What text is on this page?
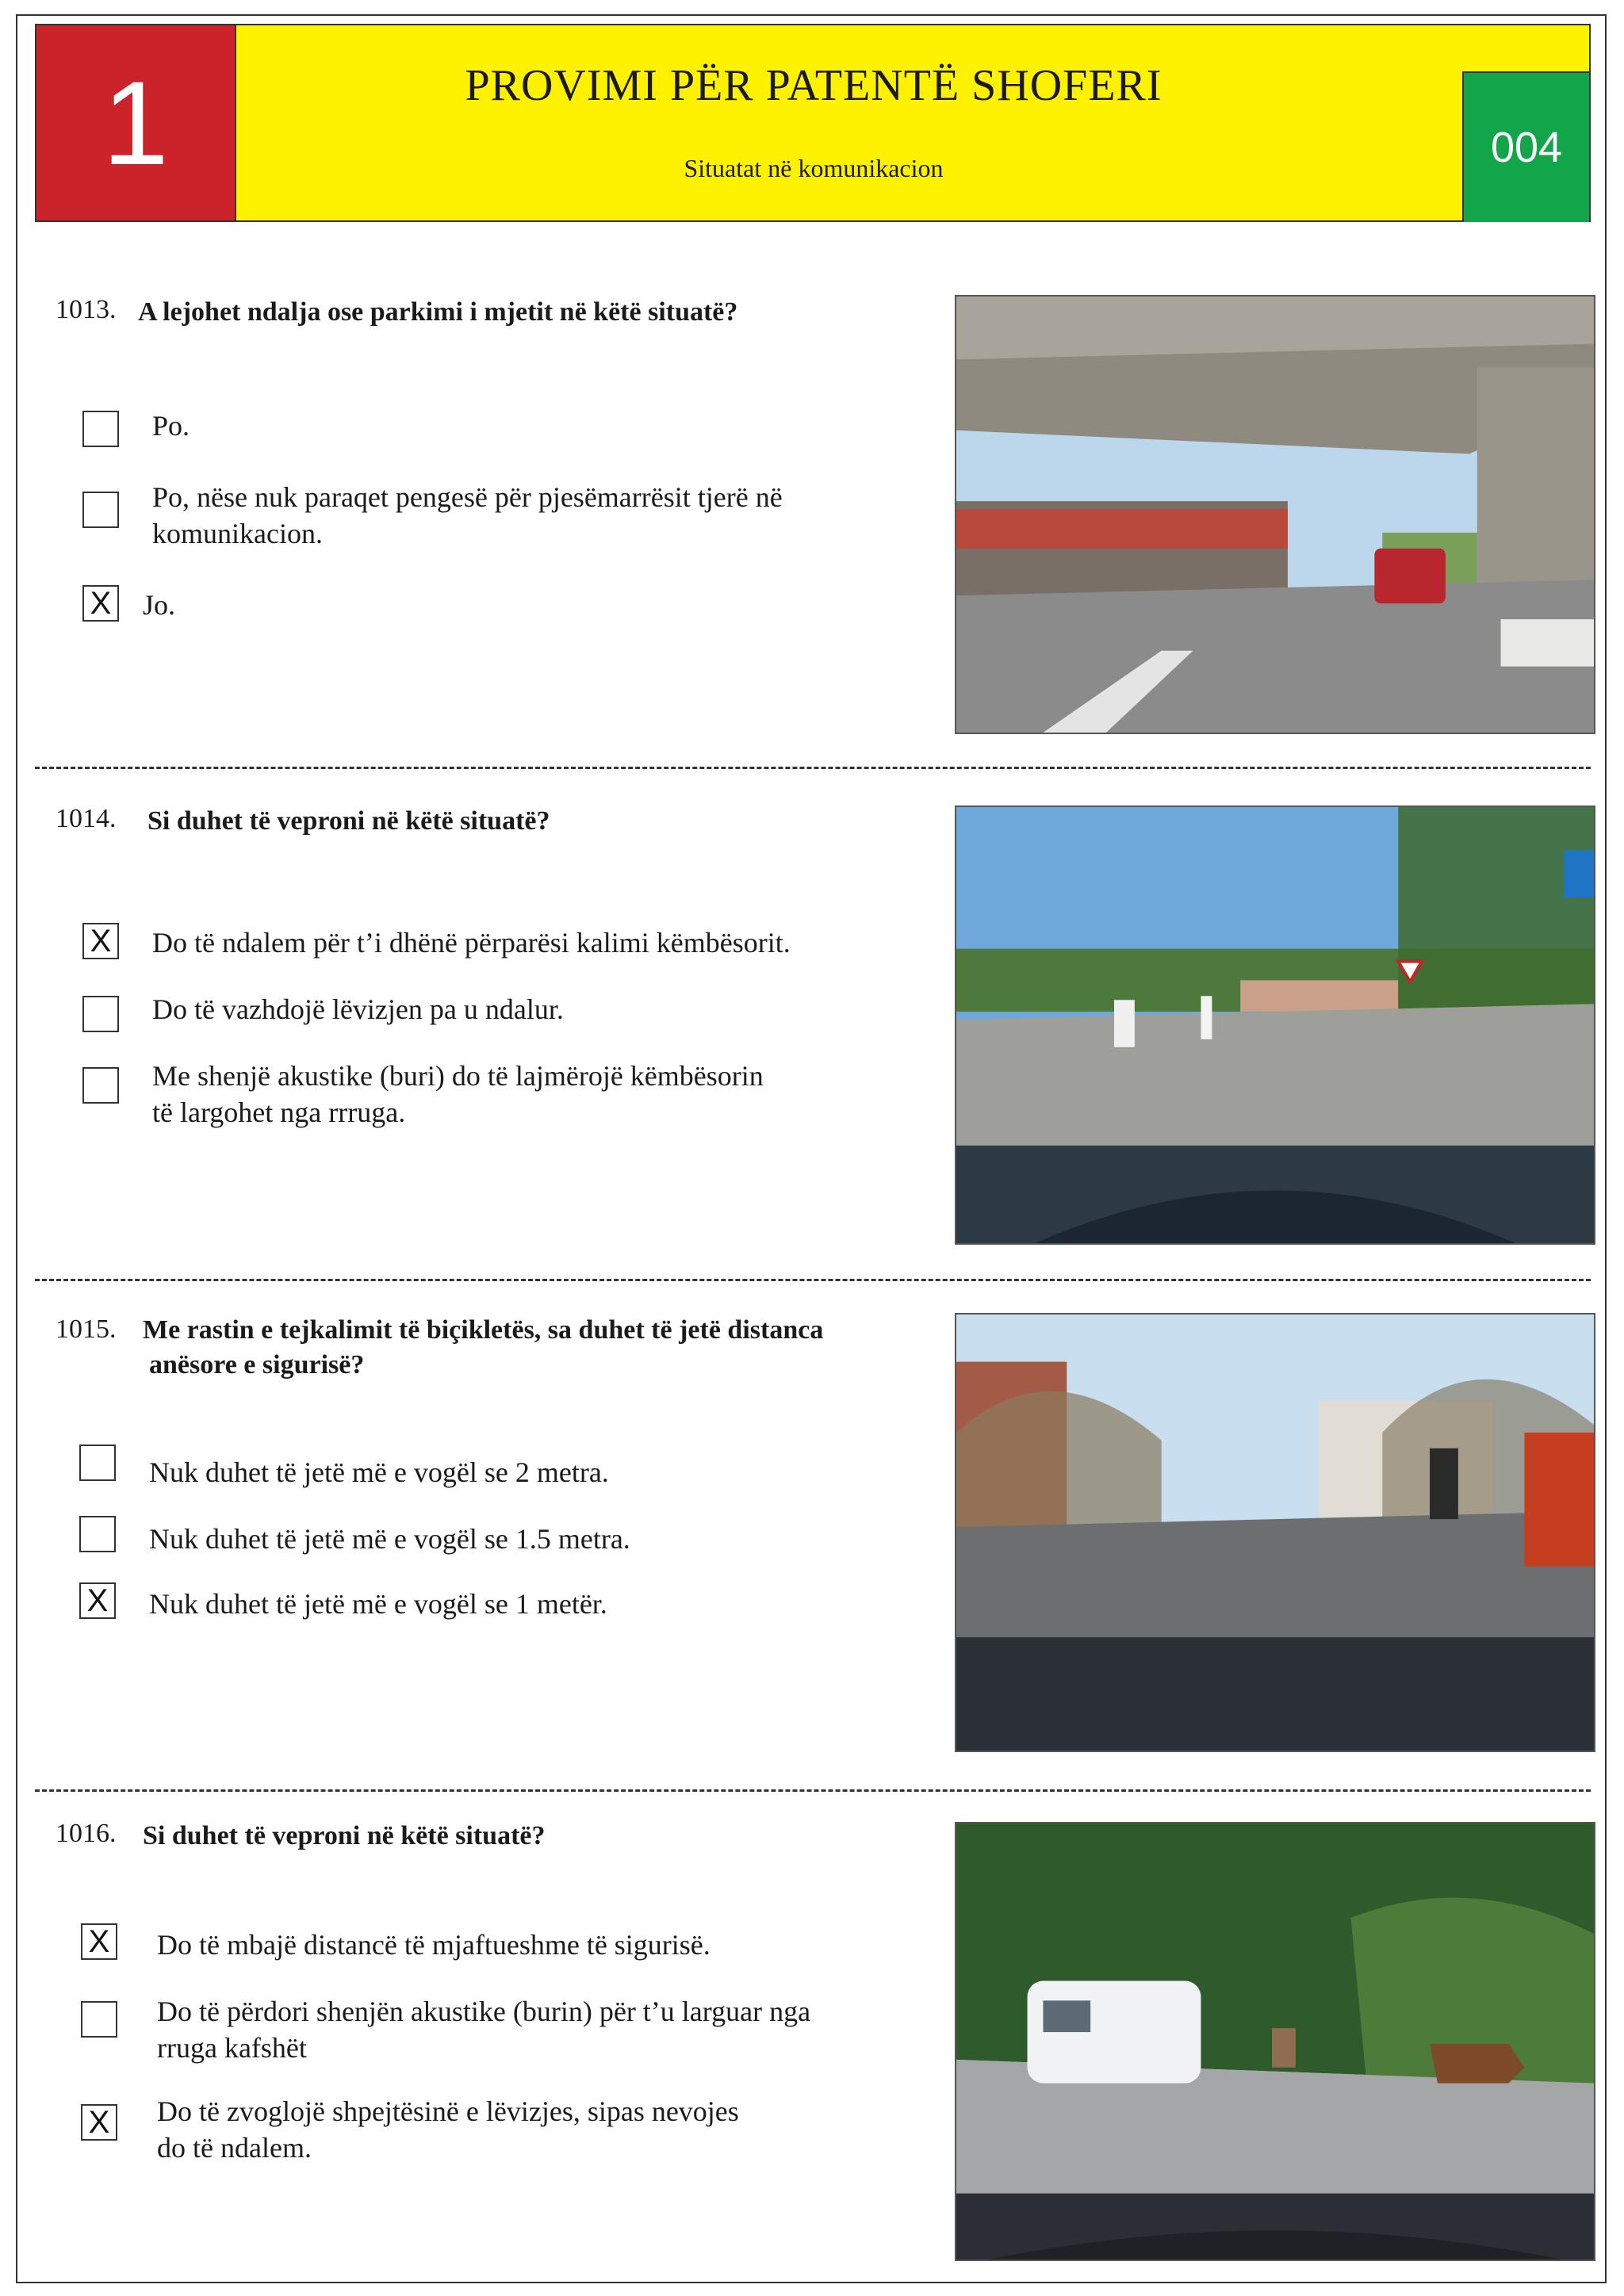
1	PROVIMI PËR PATENTË SHOFERI
Situatat në komunikacion	004
1013. A lejohet ndalja ose parkimi i mjetit në këtë situatë?
Po.
Po, nëse nuk paraqet pengesë për pjesëmarrësit tjerë në
komunikacion.
X Jo.
1014. Si duhet të veproni në këtë situatë?
X Do të ndalem për t’i dhënë përparësi kalimi këmbësorit.
Do të vazhdojë lëvizjen pa u ndalur.
Me shenjë akustike (buri) do të lajmërojë këmbësorin
të largohet nga rrruga.
1015. Me rastin e tejkalimit të biçikletës, sa duhet të jetë distanca
anësore e sigurisë?
Nuk duhet të jetë më e vogël se 2 metra.
Nuk duhet të jetë më e vogël se 1.5 metra.
X Nuk duhet të jetë më e vogël se 1 metër.
1016. Si duhet të veproni në këtë situatë?
X Do të mbajë distancë të mjaftueshme të sigurisë.
Do të përdori shenjën akustike (burin) për t’u larguar nga
rruga kafshët
X Do të zvoglojë shpejtësinë e lëvizjes, sipas nevojes
do të ndalem.
